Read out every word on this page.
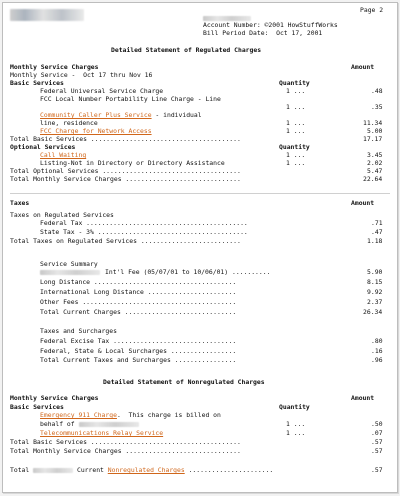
Page 2
Account Number: ©2001 HowStuffWorks
Bill Period Date:  Oct 17, 2001
Detailed Statement of Regulated Charges
Monthly Service Charges	Amount
Monthly Service -  Oct 17 thru Nov 16
Basic Services	Quantity
Federal Universal Service Charge	1 ...	.48
FCC Local Number Portability Line Charge - Line
1 ...	.35
Community Caller Plus Service - individual
line, residence	1 ...	11.34
FCC Charge for Network Access	1 ...	5.00
Total Basic Services .......................................	17.17
Optional Services	Quantity
Call Waiting	1 ...	3.45
Listing-Not in Directory or Directory Assistance	1 ...	2.02
Total Optional Services ....................................	5.47
Total Monthly Service Charges ..............................	22.64
Taxes	Amount
Taxes on Regulated Services
Federal Tax ..........................................	.71
State Tax - 3% .......................................	.47
Total Taxes on Regulated Services ..........................	1.18
Service Summary
Int'l Fee (05/07/01 to 10/06/01) ..........	5.90
Long Distance .....................................	8.15
International Long Distance .......................	9.92
Other Fees ........................................	2.37
Total Current Charges .............................	26.34
Taxes and Surcharges
Federal Excise Tax ................................	.80
Federal, State & Local Surcharges .................	.16
Total Current Taxes and Surcharges ................	.96
Detailed Statement of Nonregulated Charges
Monthly Service Charges	Amount
Basic Services	Quantity
Emergency 911 Charge.  This charge is billed on
behalf of	1 ...	.50
Telecommunications Relay Service	1 ...	.07
Total Basic Services .......................................	.57
Total Monthly Service Charges ..............................	.57
Total	Current Nonregulated Charges ......................	.57
